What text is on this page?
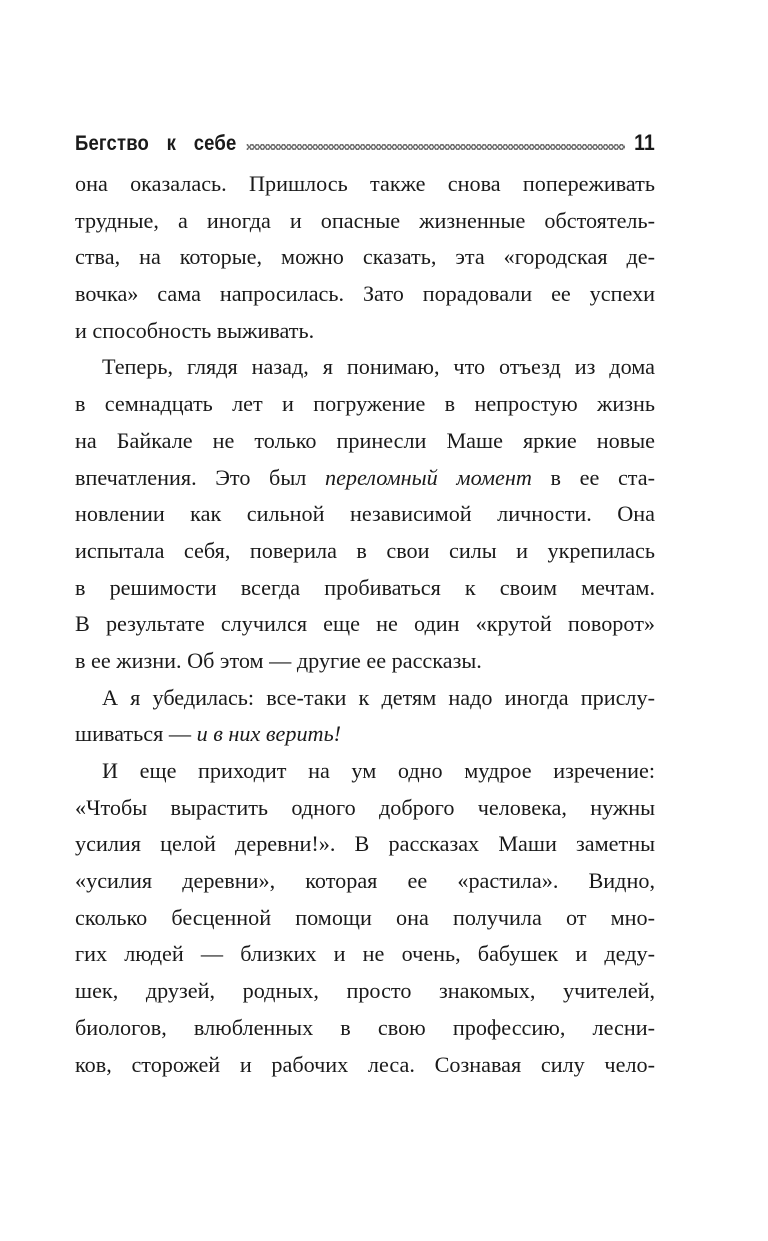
Бегство  к  себе	11
она оказалась. Пришлось также снова попереживать
трудные, а иногда и опасные жизненные обстоятель-
ства, на которые, можно сказать, эта «городская де-
вочка» сама напросилась. Зато порадовали ее успехи
и способность выживать.
Теперь, глядя назад, я понимаю, что отъезд из дома
в семнадцать лет и погружение в непростую жизнь
на Байкале не только принесли Маше яркие новые
впечатления. Это был переломный момент в ее ста-
новлении как сильной независимой личности. Она
испытала себя, поверила в свои силы и укрепилась
в решимости всегда пробиваться к своим мечтам.
В результате случился еще не один «крутой поворот»
в ее жизни. Об этом — другие ее рассказы.
А я убедилась: все-таки к детям надо иногда прислу-
шиваться — и в них верить!
И еще приходит на ум одно мудрое изречение:
«Чтобы вырастить одного доброго человека, нужны
усилия целой деревни!». В рассказах Маши заметны
«усилия деревни», которая ее «растила». Видно,
сколько бесценной помощи она получила от мно-
гих людей — близких и не очень, бабушек и деду-
шек, друзей, родных, просто знакомых, учителей,
биологов, влюбленных в свою профессию, лесни-
ков, сторожей и рабочих леса. Сознавая силу чело-
